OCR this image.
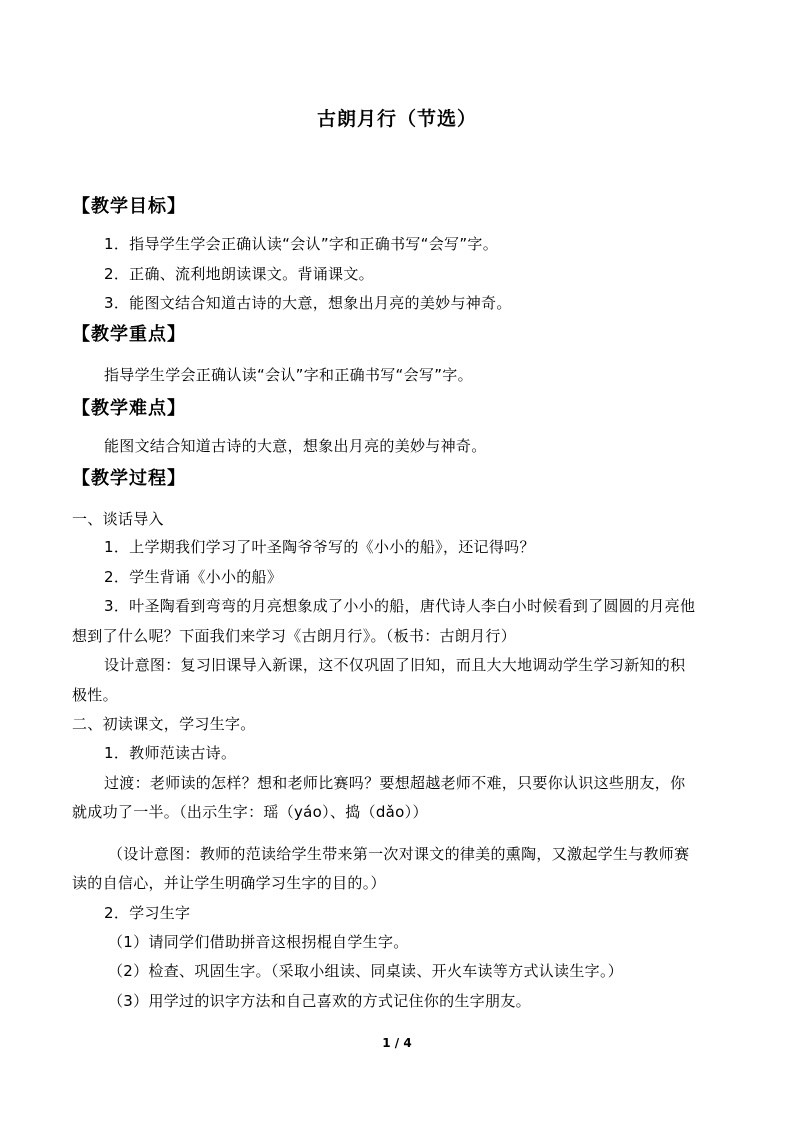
古朗月行（节选）
【教学目标】
1．指导学生学会正确认读“会认”字和正确书写“会写”字。
2．正确、流利地朗读课文。背诵课文。
3．能图文结合知道古诗的大意，想象出月亮的美妙与神奇。
【教学重点】
指导学生学会正确认读“会认”字和正确书写“会写”字。
【教学难点】
能图文结合知道古诗的大意，想象出月亮的美妙与神奇。
【教学过程】
一、谈话导入
1．上学期我们学习了叶圣陶爷爷写的《小小的船》，还记得吗？
2．学生背诵《小小的船》
3．叶圣陶看到弯弯的月亮想象成了小小的船，唐代诗人李白小时候看到了圆圆的月亮他
想到了什么呢？下面我们来学习《古朗月行》。（板书：古朗月行）
设计意图：复习旧课导入新课，这不仅巩固了旧知，而且大大地调动学生学习新知的积
极性。
二、初读课文，学习生字。
1．教师范读古诗。
过渡：老师读的怎样？想和老师比赛吗？要想超越老师不难，只要你认识这些朋友，你
就成功了一半。（出示生字：瑶（yáo）、捣（dǎo））
（设计意图：教师的范读给学生带来第一次对课文的律美的熏陶，又激起学生与教师赛
读的自信心，并让学生明确学习生字的目的。）
2．学习生字
（1）请同学们借助拼音这根拐棍自学生字。
（2）检查、巩固生字。（采取小组读、同桌读、开火车读等方式认读生字。）
（3）用学过的识字方法和自己喜欢的方式记住你的生字朋友。
1 / 4
